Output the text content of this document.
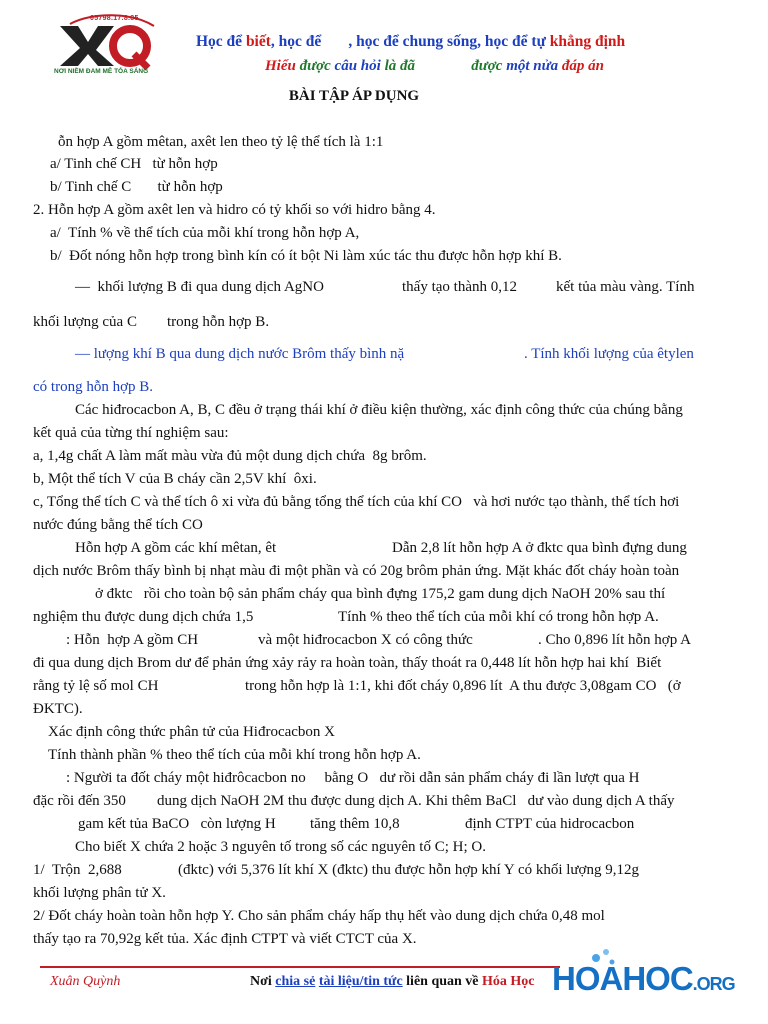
05798.17.8.85
NƠI NIỀM ĐAM MÊ TỎA SÁNG
Học để biết, học để       , học để chung sống, học để tự khẳng định
Hiểu được câu hỏi là đã               được một nửa đáp án
BÀI TẬP ÁP DỤNG
ỗn hợp A gồm mêtan, axêt len theo tỷ lệ thể tích là 1:1
a/ Tinh chế CH   từ hỗn hợp
b/ Tinh chế C       từ hỗn hợp
2. Hỗn hợp A gồm axêt len và hidro có tỷ khối so với hidro bằng 4.
a/  Tính % về thể tích của mỗi khí trong hỗn hợp A,
b/  Đốt nóng hỗn hợp trong bình kín có ít bột Ni làm xúc tác thu được hỗn hợp khí B.
—  khối lượng B đi qua dung dịch AgNO	thấy tạo thành 0,12	kết tủa màu vàng. Tính
khối lượng của C        trong hỗn hợp B.
— lượng khí B qua dung dịch nước Brôm thấy bình nặ	. Tính khối lượng của êtylen
có trong hỗn hợp B.
Các hiđrocacbon A, B, C đều ở trạng thái khí ở điều kiện thường, xác định công thức của chúng bằng
kết quả của từng thí nghiệm sau:
a, 1,4g chất A làm mất màu vừa đủ một dung dịch chứa  8g brôm.
b, Một thể tích V của B cháy cần 2,5V khí  ôxi.
c, Tổng thể tích C và thể tích ô xi vừa đủ bằng tổng thể tích của khí CO   và hơi nước tạo thành, thể tích hơi
nước đúng bằng thể tích CO
Hỗn hợp A gồm các khí mêtan, êt	Dẫn 2,8 lít hỗn hợp A ở đktc qua bình đựng dung
dịch nước Brôm thấy bình bị nhạt màu đi một phần và có 20g brôm phản ứng. Mặt khác đốt cháy hoàn toàn
ở đktc   rồi cho toàn bộ sản phẩm cháy qua bình đựng 175,2 gam dung dịch NaOH 20% sau thí
nghiệm thu được dung dịch chứa 1,5	Tính % theo thể tích của mỗi khí có trong hỗn hợp A.
: Hỗn  hợp A gồm CH	và một hiđrocacbon X có công thức	. Cho 0,896 lít hỗn hợp A
đi qua dung dịch Brom dư để phản ứng xảy rảy ra hoàn toàn, thấy thoát ra 0,448 lít hỗn hợp hai khí  Biết
rằng tỷ lệ số mol CH	trong hỗn hợp là 1:1, khi đốt cháy 0,896 lít  A thu được 3,08gam CO   (ở
ĐKTC).
Xác định công thức phân tử của Hiđrocacbon X
Tính thành phần % theo thể tích của mỗi khí trong hỗn hợp A.
: Người ta đốt cháy một hiđrôcacbon no     bằng O   dư rồi dẫn sản phẩm cháy đi lần lượt qua H
đặc rồi đến 350 dung dịch NaOH 2M thu được dung dịch A. Khi thêm BaCl   dư vào dung dịch A thấy
gam kết tủa BaCO   còn lượng H tăng thêm 10,8	định CTPT của hidrocacbon
Cho biết X chứa 2 hoặc 3 nguyên tố trong số các nguyên tố C; H; O.
1/  Trộn  2,688	(đktc) với 5,376 lít khí X (đktc) thu được hỗn hợp khí Y có khối lượng 9,12g
khối lượng phân tử X.
2/ Đốt cháy hoàn toàn hỗn hợp Y. Cho sản phẩm cháy hấp thụ hết vào dung dịch chứa 0,48 mol
thấy tạo ra 70,92g kết tủa. Xác định CTPT và viết CTCT của X.
Xuân Quỳnh	Nơi chia sẻ tài liệu/tin tức liên quan về Hóa Học HOAHOC.ORG
